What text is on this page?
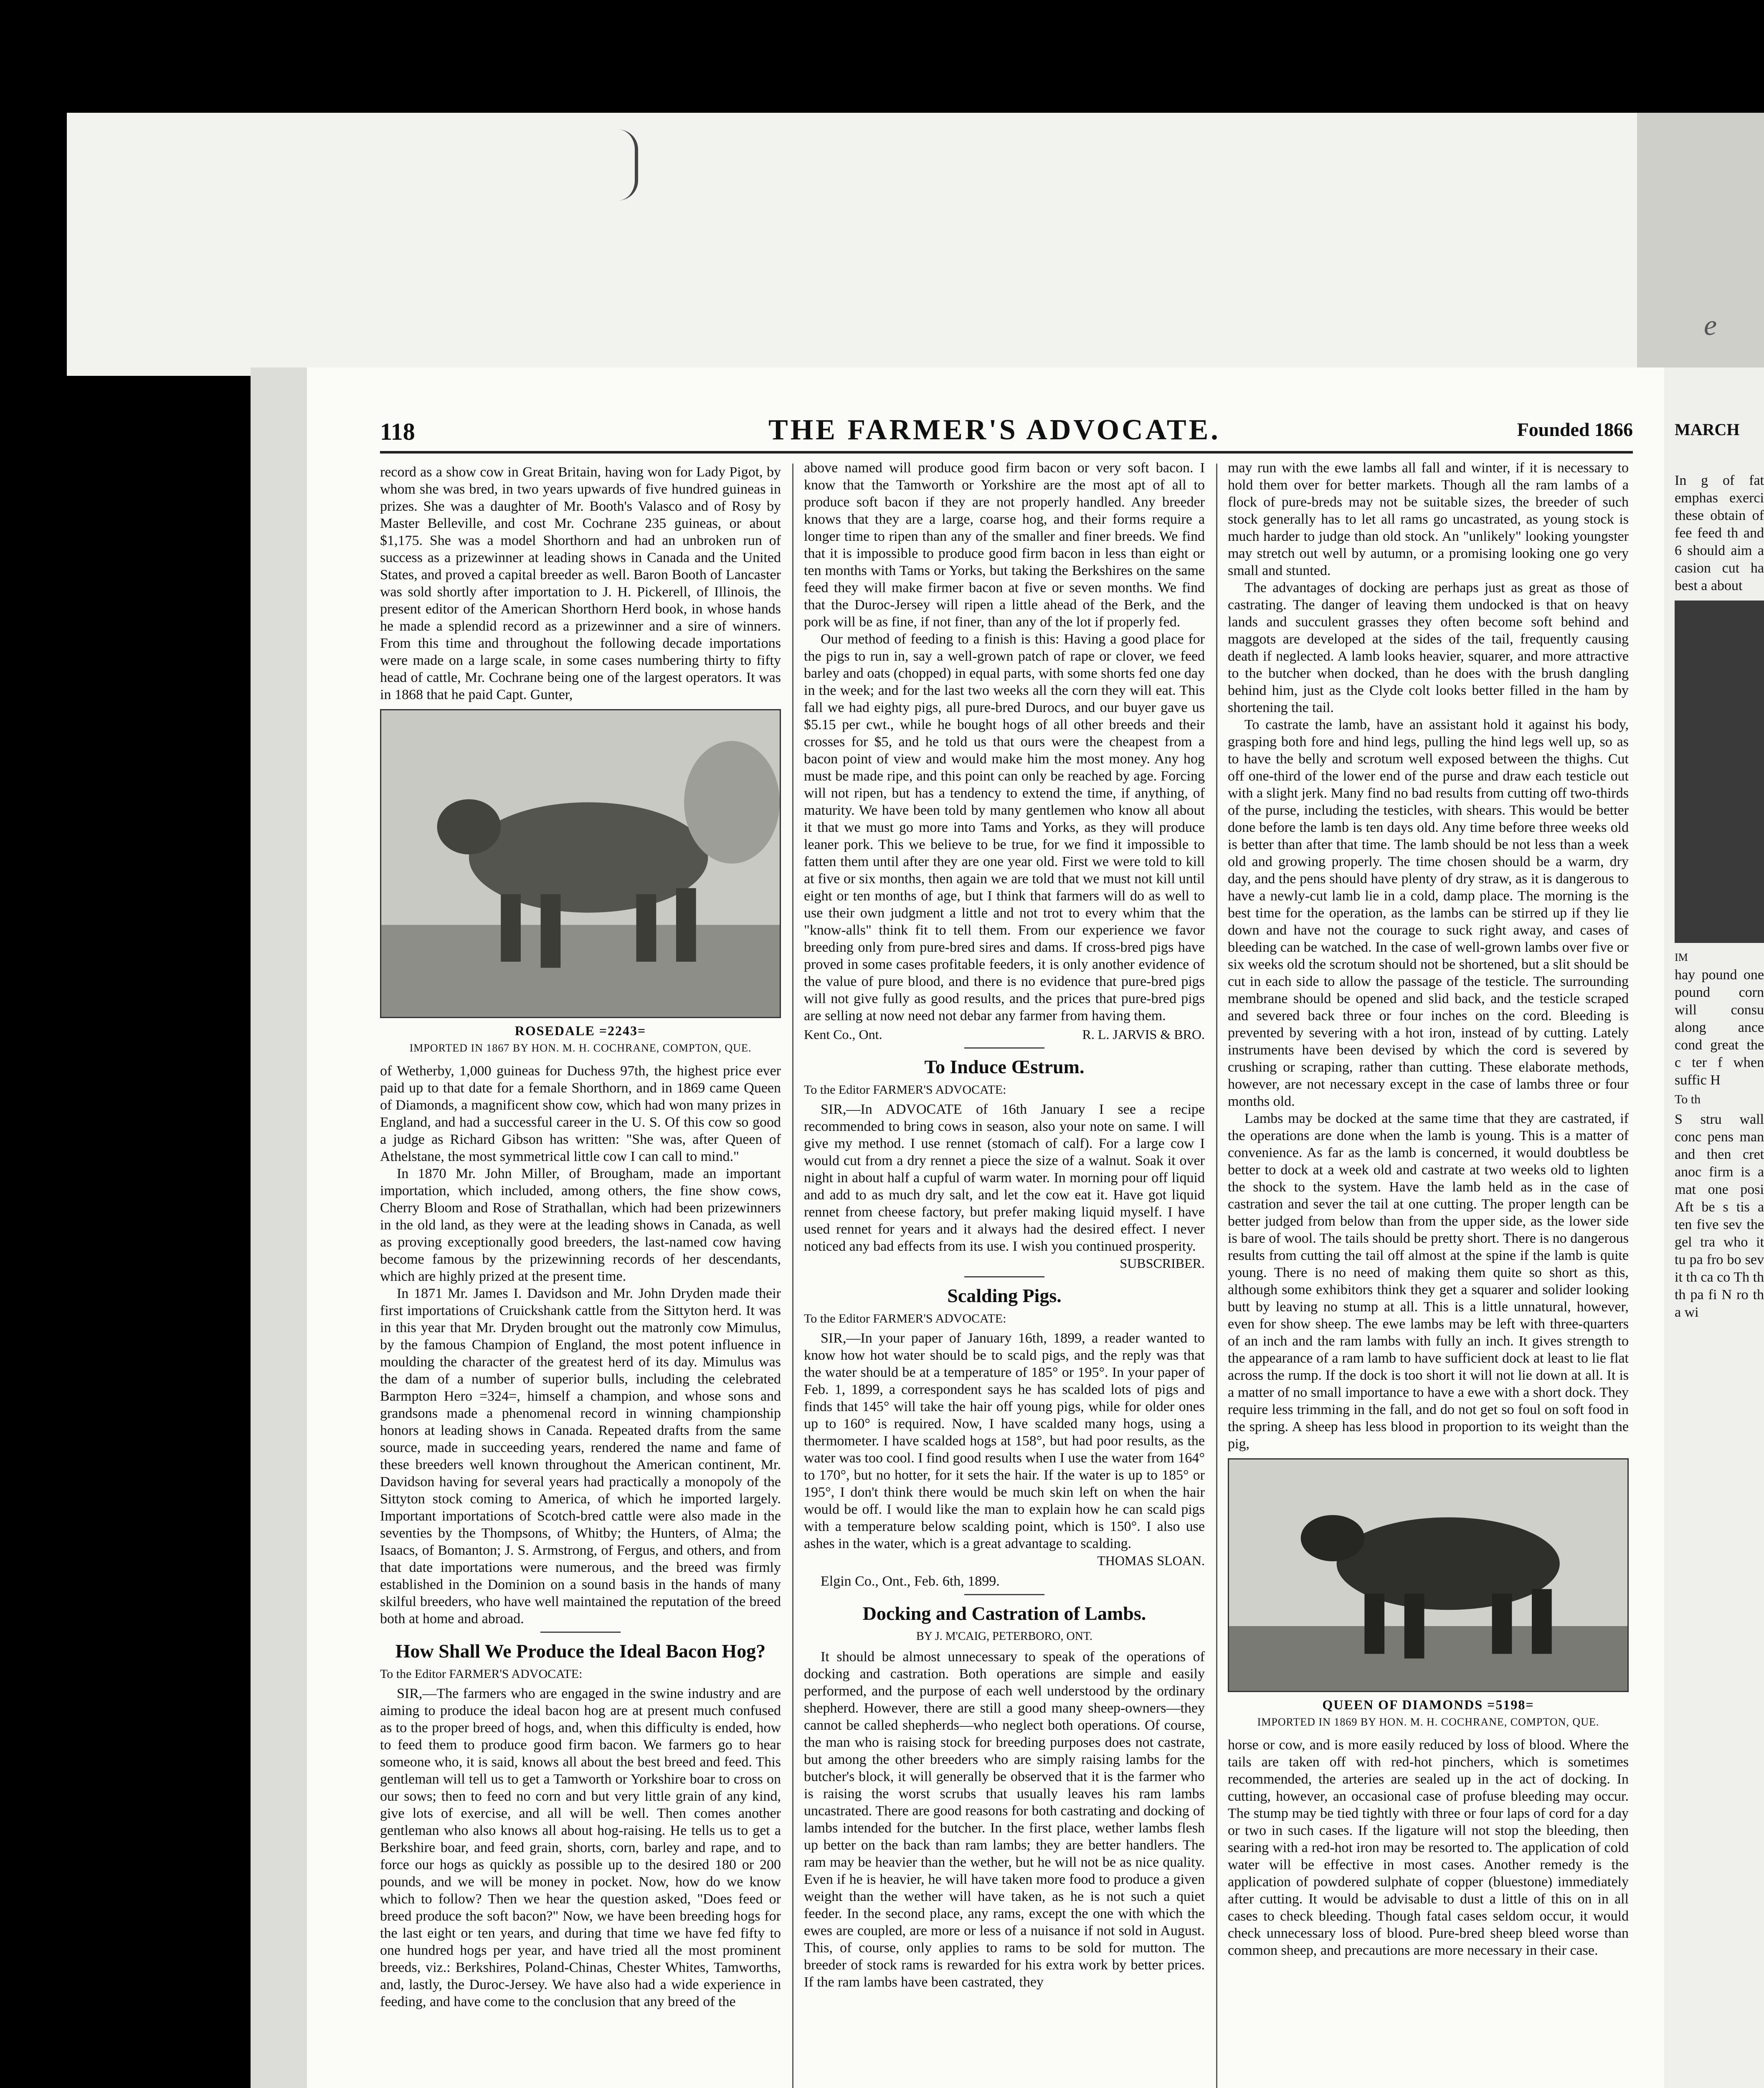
e
118	THE FARMER'S ADVOCATE.	Founded 1866	MARCH

record as a show cow in Great Britain, having won for Lady Pigot, by whom she was bred, in two years upwards of five hundred guineas in prizes. She was a daughter of Mr. Booth's Valasco and of Rosy by Master Belleville, and cost Mr. Cochrane 235 guineas, or about $1,175. She was a model Shorthorn and had an unbroken run of success as a prizewinner at leading shows in Canada and the United States, and proved a capital breeder as well. Baron Booth of Lancaster was sold shortly after importation to J. H. Pickerell, of Illinois, the present editor of the American Shorthorn Herd book, in whose hands he made a splendid record as a prizewinner and a sire of winners. From this time and throughout the following decade importations were made on a large scale, in some cases numbering thirty to fifty head of cattle, Mr. Cochrane being one of the largest operators. It was in 1868 that he paid Capt. Gunter,

ROSEDALE =2243=
IMPORTED IN 1867 BY HON. M. H. COCHRANE, COMPTON, QUE.

of Wetherby, 1,000 guineas for Duchess 97th, the highest price ever paid up to that date for a female Shorthorn, and in 1869 came Queen of Diamonds, a magnificent show cow, which had won many prizes in England, and had a successful career in the U. S. Of this cow so good a judge as Richard Gibson has written: "She was, after Queen of Athelstane, the most symmetrical little cow I can call to mind."

In 1870 Mr. John Miller, of Brougham, made an important importation, which included, among others, the fine show cows, Cherry Bloom and Rose of Strathallan, which had been prizewinners in the old land, as they were at the leading shows in Canada, as well as proving exceptionally good breeders, the last-named cow having become famous by the prizewinning records of her descendants, which are highly prized at the present time.

In 1871 Mr. James I. Davidson and Mr. John Dryden made their first importations of Cruickshank cattle from the Sittyton herd. It was in this year that Mr. Dryden brought out the matronly cow Mimulus, by the famous Champion of England, the most potent influence in moulding the character of the greatest herd of its day. Mimulus was the dam of a number of superior bulls, including the celebrated Barmpton Hero =324=, himself a champion, and whose sons and grandsons made a phenomenal record in winning championship honors at leading shows in Canada. Repeated drafts from the same source, made in succeeding years, rendered the name and fame of these breeders well known throughout the American continent, Mr. Davidson having for several years had practically a monopoly of the Sittyton stock coming to America, of which he imported largely. Important importations of Scotch-bred cattle were also made in the seventies by the Thompsons, of Whitby; the Hunters, of Alma; the Isaacs, of Bomanton; J. S. Armstrong, of Fergus, and others, and from that date importations were numerous, and the breed was firmly established in the Dominion on a sound basis in the hands of many skilful breeders, who have well maintained the reputation of the breed both at home and abroad.

How Shall We Produce the Ideal Bacon Hog?
To the Editor FARMER'S ADVOCATE:

SIR,—The farmers who are engaged in the swine industry and are aiming to produce the ideal bacon hog are at present much confused as to the proper breed of hogs, and, when this difficulty is ended, how to feed them to produce good firm bacon. We farmers go to hear someone who, it is said, knows all about the best breed and feed. This gentleman will tell us to get a Tamworth or Yorkshire boar to cross on our sows; then to feed no corn and but very little grain of any kind, give lots of exercise, and all will be well. Then comes another gentleman who also knows all about hog-raising. He tells us to get a Berkshire boar, and feed grain, shorts, corn, barley and rape, and to force our hogs as quickly as possible up to the desired 180 or 200 pounds, and we will be money in pocket. Now, how do we know which to follow? Then we hear the question asked, "Does feed or breed produce the soft bacon?" Now, we have been breeding hogs for the last eight or ten years, and during that time we have fed fifty to one hundred hogs per year, and have tried all the most prominent breeds, viz.: Berkshires, Poland-Chinas, Chester Whites, Tamworths, and, lastly, the Duroc-Jersey. We have also had a wide experience in feeding, and have come to the conclusion that any breed of the

above named will produce good firm bacon or very soft bacon. I know that the Tamworth or Yorkshire are the most apt of all to produce soft bacon if they are not properly handled. Any breeder knows that they are a large, coarse hog, and their forms require a longer time to ripen than any of the smaller and finer breeds. We find that it is impossible to produce good firm bacon in less than eight or ten months with Tams or Yorks, but taking the Berkshires on the same feed they will make firmer bacon at five or seven months. We find that the Duroc-Jersey will ripen a little ahead of the Berk, and the pork will be as fine, if not finer, than any of the lot if properly fed.

Our method of feeding to a finish is this: Having a good place for the pigs to run in, say a well-grown patch of rape or clover, we feed barley and oats (chopped) in equal parts, with some shorts fed one day in the week; and for the last two weeks all the corn they will eat. This fall we had eighty pigs, all pure-bred Durocs, and our buyer gave us $5.15 per cwt., while he bought hogs of all other breeds and their crosses for $5, and he told us that ours were the cheapest from a bacon point of view and would make him the most money. Any hog must be made ripe, and this point can only be reached by age. Forcing will not ripen, but has a tendency to extend the time, if anything, of maturity. We have been told by many gentlemen who know all about it that we must go more into Tams and Yorks, as they will produce leaner pork. This we believe to be true, for we find it impossible to fatten them until after they are one year old. First we were told to kill at five or six months, then again we are told that we must not kill until eight or ten months of age, but I think that farmers will do as well to use their own judgment a little and not trot to every whim that the "know-alls" think fit to tell them. From our experience we favor breeding only from pure-bred sires and dams. If cross-bred pigs have proved in some cases profitable feeders, it is only another evidence of the value of pure blood, and there is no evidence that pure-bred pigs will not give fully as good results, and the prices that pure-bred pigs are selling at now need not debar any farmer from having them.

Kent Co., Ont.	R. L. JARVIS & BRO.
To Induce Œstrum.
To the Editor FARMER'S ADVOCATE:

SIR,—In ADVOCATE of 16th January I see a recipe recommended to bring cows in season, also your note on same. I will give my method. I use rennet (stomach of calf). For a large cow I would cut from a dry rennet a piece the size of a walnut. Soak it over night in about half a cupful of warm water. In morning pour off liquid and add to as much dry salt, and let the cow eat it. Have got liquid rennet from cheese factory, but prefer making liquid myself. I have used rennet for years and it always had the desired effect. I never noticed any bad effects from its use. I wish you continued prosperity.

SUBSCRIBER.
Scalding Pigs.
To the Editor FARMER'S ADVOCATE:

SIR,—In your paper of January 16th, 1899, a reader wanted to know how hot water should be to scald pigs, and the reply was that the water should be at a temperature of 185° or 195°. In your paper of Feb. 1, 1899, a correspondent says he has scalded lots of pigs and finds that 145° will take the hair off young pigs, while for older ones up to 160° is required. Now, I have scalded many hogs, using a thermometer. I have scalded hogs at 158°, but had poor results, as the water was too cool. I find good results when I use the water from 164° to 170°, but no hotter, for it sets the hair. If the water is up to 185° or 195°, I don't think there would be much skin left on when the hair would be off. I would like the man to explain how he can scald pigs with a temperature below scalding point, which is 150°. I also use ashes in the water, which is a great advantage to scalding.

THOMAS SLOAN.

Elgin Co., Ont., Feb. 6th, 1899.

Docking and Castration of Lambs.
BY J. M'CAIG, PETERBORO, ONT.

It should be almost unnecessary to speak of the operations of docking and castration. Both operations are simple and easily performed, and the purpose of each well understood by the ordinary shepherd. However, there are still a good many sheep-owners—they cannot be called shepherds—who neglect both operations. Of course, the man who is raising stock for breeding purposes does not castrate, but among the other breeders who are simply raising lambs for the butcher's block, it will generally be observed that it is the farmer who is raising the worst scrubs that usually leaves his ram lambs uncastrated. There are good reasons for both castrating and docking of lambs intended for the butcher. In the first place, wether lambs flesh up better on the back than ram lambs; they are better handlers. The ram may be heavier than the wether, but he will not be as nice quality. Even if he is heavier, he will have taken more food to produce a given weight than the wether will have taken, as he is not such a quiet feeder. In the second place, any rams, except the one with which the ewes are coupled, are more or less of a nuisance if not sold in August. This, of course, only applies to rams to be sold for mutton. The breeder of stock rams is rewarded for his extra work by better prices. If the ram lambs have been castrated, they

may run with the ewe lambs all fall and winter, if it is necessary to hold them over for better markets. Though all the ram lambs of a flock of pure-breds may not be suitable sizes, the breeder of such stock generally has to let all rams go uncastrated, as young stock is much harder to judge than old stock. An "unlikely" looking youngster may stretch out well by autumn, or a promising looking one go very small and stunted.

The advantages of docking are perhaps just as great as those of castrating. The danger of leaving them undocked is that on heavy lands and succulent grasses they often become soft behind and maggots are developed at the sides of the tail, frequently causing death if neglected. A lamb looks heavier, squarer, and more attractive to the butcher when docked, than he does with the brush dangling behind him, just as the Clyde colt looks better filled in the ham by shortening the tail.

To castrate the lamb, have an assistant hold it against his body, grasping both fore and hind legs, pulling the hind legs well up, so as to have the belly and scrotum well exposed between the thighs. Cut off one-third of the lower end of the purse and draw each testicle out with a slight jerk. Many find no bad results from cutting off two-thirds of the purse, including the testicles, with shears. This would be better done before the lamb is ten days old. Any time before three weeks old is better than after that time. The lamb should be not less than a week old and growing properly. The time chosen should be a warm, dry day, and the pens should have plenty of dry straw, as it is dangerous to have a newly-cut lamb lie in a cold, damp place. The morning is the best time for the operation, as the lambs can be stirred up if they lie down and have not the courage to suck right away, and cases of bleeding can be watched. In the case of well-grown lambs over five or six weeks old the scrotum should not be shortened, but a slit should be cut in each side to allow the passage of the testicle. The surrounding membrane should be opened and slid back, and the testicle scraped and severed back three or four inches on the cord. Bleeding is prevented by severing with a hot iron, instead of by cutting. Lately instruments have been devised by which the cord is severed by crushing or scraping, rather than cutting. These elaborate methods, however, are not necessary except in the case of lambs three or four months old.

Lambs may be docked at the same time that they are castrated, if the operations are done when the lamb is young. This is a matter of convenience. As far as the lamb is concerned, it would doubtless be better to dock at a week old and castrate at two weeks old to lighten the shock to the system. Have the lamb held as in the case of castration and sever the tail at one cutting. The proper length can be better judged from below than from the upper side, as the lower side is bare of wool. The tails should be pretty short. There is no dangerous results from cutting the tail off almost at the spine if the lamb is quite young. There is no need of making them quite so short as this, although some exhibitors think they get a squarer and solider looking butt by leaving no stump at all. This is a little unnatural, however, even for show sheep. The ewe lambs may be left with three-quarters of an inch and the ram lambs with fully an inch. It gives strength to the appearance of a ram lamb to have sufficient dock at least to lie flat across the rump. If the dock is too short it will not lie down at all. It is a matter of no small importance to have a ewe with a short dock. They require less trimming in the fall, and do not get so foul on soft food in the spring. A sheep has less blood in proportion to its weight than the pig,

QUEEN OF DIAMONDS =5198=
IMPORTED IN 1869 BY HON. M. H. COCHRANE, COMPTON, QUE.

horse or cow, and is more easily reduced by loss of blood. Where the tails are taken off with red-hot pinchers, which is sometimes recommended, the arteries are sealed up in the act of docking. In cutting, however, an occasional case of profuse bleeding may occur. The stump may be tied tightly with three or four laps of cord for a day or two in such cases. If the ligature will not stop the bleeding, then searing with a red-hot iron may be resorted to. The application of cold water will be effective in most cases. Another remedy is the application of powdered sulphate of copper (bluestone) immediately after cutting. It would be advisable to dust a little of this on in all cases to check bleeding. Though fatal cases seldom occur, it would check unnecessary loss of blood. Pure-bred sheep bleed worse than common sheep, and precautions are more necessary in their case.

In g of fat emphas exerci these obtain of fee feed th and 6 should aim a casion cut ha best a about

IM

hay pound one pound corn will consu along ance cond great the c ter f when suffic H

To th

S stru wall conc pens man and then cret anoc firm is a mat one posi Aft be s tis a ten five sev the gel tra who it tu pa fro bo sev it th ca co Th th th pa fi N ro th a wi
